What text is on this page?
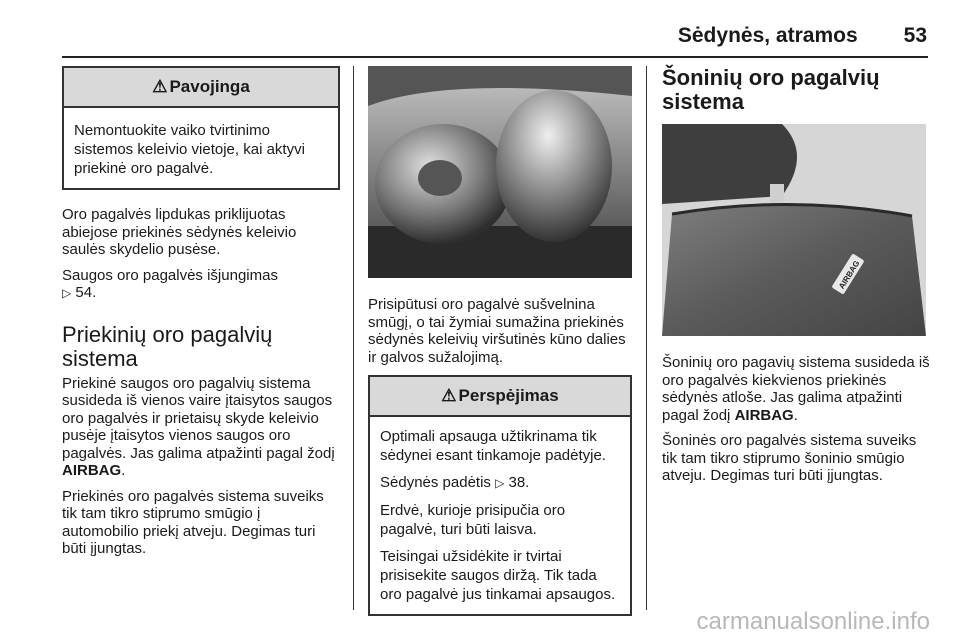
Sėdynės, atramos 53
⚠ Pavojinga

Nemontuokite vaiko tvirtinimo sistemos keleivio vietoje, kai aktyvi priekinė oro pagalvė.

Oro pagalvės lipdukas priklijuotas abiejose priekinės sėdynės keleivio saulės skydelio pusėse.

Saugos oro pagalvės išjungimas
▷ 54.

Priekinių oro pagalvių sistema

Priekinė saugos oro pagalvių sistema susideda iš vienos vaire įtaisytos saugos oro pagalvės ir prietaisų skyde keleivio pusėje įtaisytos vienos saugos oro pagalvės. Jas galima atpažinti pagal žodį AIRBAG.

Priekinės oro pagalvės sistema suveiks tik tam tikro stiprumo smūgio į automobilio priekį atveju. Degimas turi būti įjungtas.

Prisipūtusi oro pagalvė sušvelnina smūgį, o tai žymiai sumažina priekinės sėdynės keleivių viršutinės kūno dalies ir galvos sužalojimą.
⚠ Perspėjimas

Optimali apsauga užtikrinama tik sėdynei esant tinkamoje padėtyje.

Sėdynės padėtis ▷ 38.

Erdvė, kurioje prisipučia oro pagalvė, turi būti laisva.

Teisingai užsidėkite ir tvirtai prisisekite saugos diržą. Tik tada oro pagalvė jus tinkamai apsaugos.

Šoninių oro pagalvių sistema
AIRBAG

Šoninių oro pagavių sistema susideda iš oro pagalvės kiekvienos priekinės sėdynės atloše. Jas galima atpažinti pagal žodį AIRBAG.

Šoninės oro pagalvės sistema suveiks tik tam tikro stiprumo šoninio smūgio atveju. Degimas turi būti įjungtas.

carmanualsonline.info
